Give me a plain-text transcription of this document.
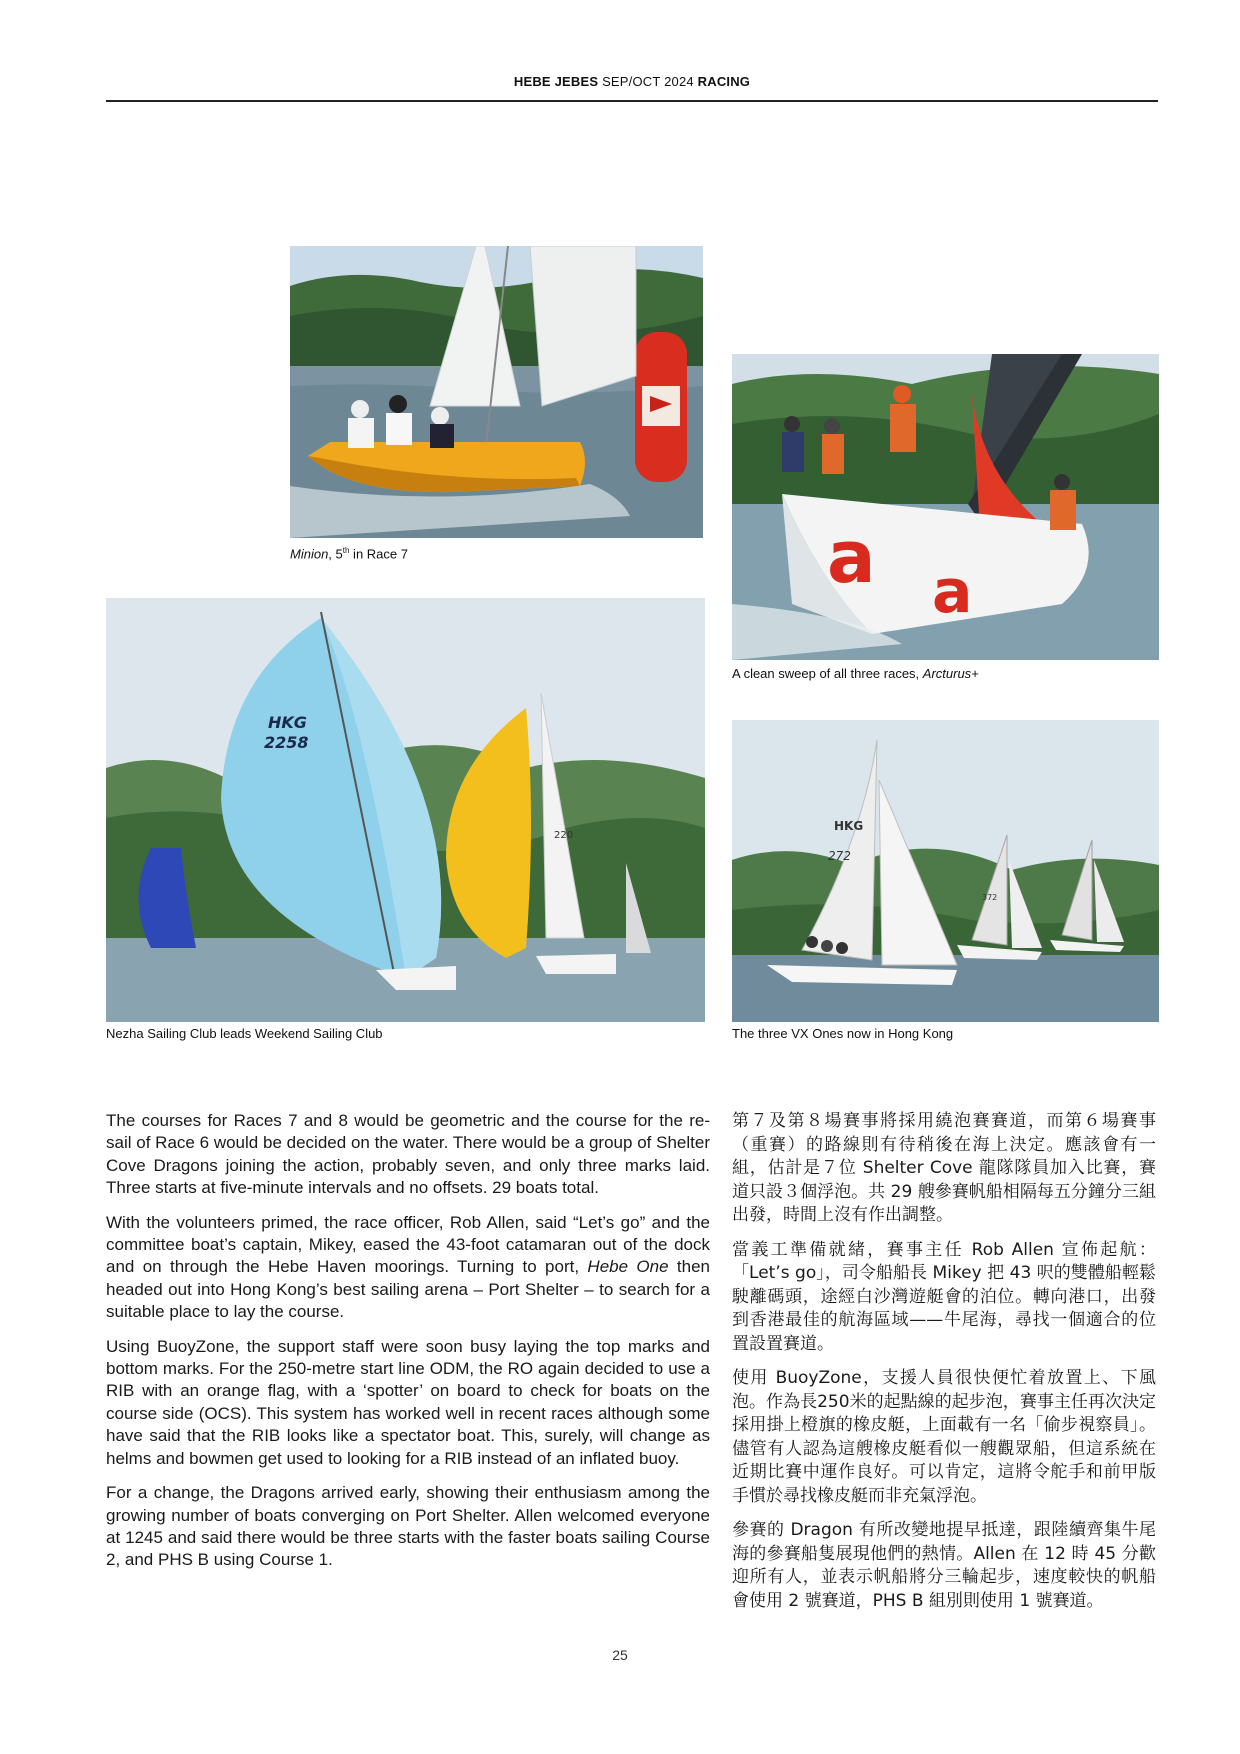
HEBE JEBES SEP/OCT 2024 RACING
Minion, 5th in Race 7	a a
A clean sweep of all three races, Arcturus+
HKG
2258
220
Nezha Sailing Club leads Weekend Sailing Club
HKG
272
372
The three VX Ones now in Hong Kong

The courses for Races 7 and 8 would be geometric and the course for the re-sail of Race 6 would be decided on the water. There would be a group of Shelter Cove Dragons joining the action, probably seven, and only three marks laid. Three starts at five-minute intervals and no offsets. 29 boats total.

With the volunteers primed, the race officer, Rob Allen, said “Let’s go” and the committee boat’s captain, Mikey, eased the 43-foot catamaran out of the dock and on through the Hebe Haven moorings. Turning to port, Hebe One then headed out into Hong Kong’s best sailing arena – Port Shelter – to search for a suitable place to lay the course.

Using BuoyZone, the support staff were soon busy laying the top marks and bottom marks. For the 250-metre start line ODM, the RO again decided to use a RIB with an orange flag, with a ‘spotter’ on board to check for boats on the course side (OCS). This system has worked well in recent races although some have said that the RIB looks like a spectator boat. This, surely, will change as helms and bowmen get used to looking for a RIB instead of an inflated buoy.

For a change, the Dragons arrived early, showing their enthusiasm among the growing number of boats converging on Port Shelter. Allen welcomed everyone at 1245 and said there would be three starts with the faster boats sailing Course 2, and PHS B using Course 1.

第７及第８場賽事將採用繞泡賽賽道，而第６場賽事（重賽）的路線則有待稍後在海上決定。應該會有一組，估計是７位 Shelter Cove 龍隊隊員加入比賽，賽道只設３個浮泡。共 29 艘參賽帆船相隔每五分鐘分三組出發，時間上沒有作出調整。

當義工準備就緒，賽事主任 Rob Allen 宣佈起航：「Let’s go」，司令船船長 Mikey 把 43 呎的雙體船輕鬆駛離碼頭，途經白沙灣遊艇會的泊位。轉向港口，出發到香港最佳的航海區域——牛尾海，尋找一個適合的位置設置賽道。

使用 BuoyZone，支援人員很快便忙着放置上、下風泡。作為長250米的起點線的起步泡，賽事主任再次決定採用掛上橙旗的橡皮艇，上面載有一名「偷步視察員」。儘管有人認為這艘橡皮艇看似一艘觀眾船，但這系統在近期比賽中運作良好。可以肯定，這將令舵手和前甲版手慣於尋找橡皮艇而非充氣浮泡。

參賽的 Dragon 有所改變地提早抵達，跟陸續齊集牛尾海的參賽船隻展現他們的熱情。Allen 在 12 時 45 分歡迎所有人，並表示帆船將分三輪起步，速度較快的帆船會使用 2 號賽道，PHS B 組別則使用 1 號賽道。

25
